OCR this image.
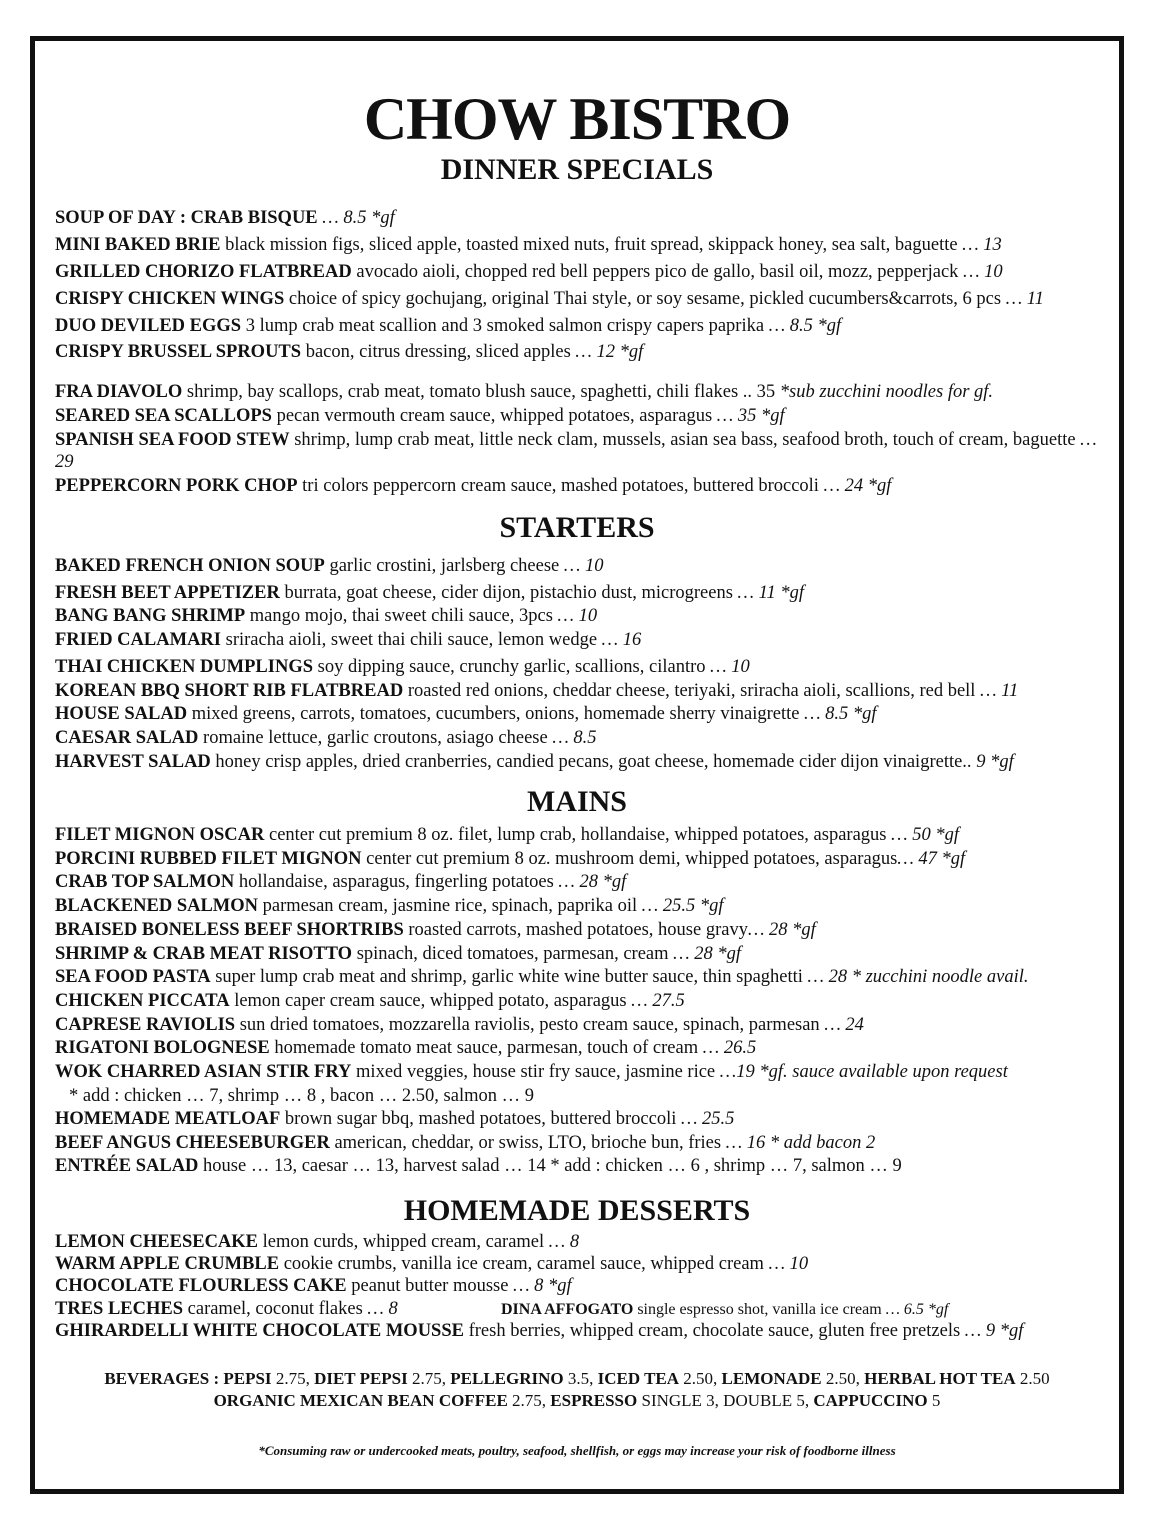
CHOW BISTRO
DINNER SPECIALS
SOUP OF DAY : CRAB BISQUE … 8.5 *gf
MINI BAKED BRIE black mission figs, sliced apple, toasted mixed nuts, fruit spread, skippack honey, sea salt, baguette … 13
GRILLED CHORIZO FLATBREAD avocado aioli, chopped red bell peppers pico de gallo, basil oil, mozz, pepperjack … 10
CRISPY CHICKEN WINGS choice of spicy gochujang, original Thai style, or soy sesame, pickled cucumbers&carrots, 6 pcs … 11
DUO DEVILED EGGS 3 lump crab meat scallion and 3 smoked salmon crispy capers paprika … 8.5 *gf
CRISPY BRUSSEL SPROUTS bacon, citrus dressing, sliced apples … 12 *gf
FRA DIAVOLO shrimp, bay scallops, crab meat, tomato blush sauce, spaghetti, chili flakes .. 35 *sub zucchini noodles for gf.
SEARED SEA SCALLOPS pecan vermouth cream sauce, whipped potatoes, asparagus … 35 *gf
SPANISH SEA FOOD STEW shrimp, lump crab meat, little neck clam, mussels, asian sea bass, seafood broth, touch of cream, baguette … 29
PEPPERCORN PORK CHOP tri colors peppercorn cream sauce, mashed potatoes, buttered broccoli … 24 *gf
STARTERS
BAKED FRENCH ONION SOUP garlic crostini, jarlsberg cheese … 10
FRESH BEET APPETIZER burrata, goat cheese, cider dijon, pistachio dust, microgreens … 11 *gf
BANG BANG SHRIMP mango mojo, thai sweet chili sauce, 3pcs … 10
FRIED CALAMARI sriracha aioli, sweet thai chili sauce, lemon wedge … 16
THAI CHICKEN DUMPLINGS soy dipping sauce, crunchy garlic, scallions, cilantro … 10
KOREAN BBQ SHORT RIB FLATBREAD roasted red onions, cheddar cheese, teriyaki, sriracha aioli, scallions, red bell … 11
HOUSE SALAD mixed greens, carrots, tomatoes, cucumbers, onions, homemade sherry vinaigrette … 8.5 *gf
CAESAR SALAD romaine lettuce, garlic croutons, asiago cheese … 8.5
HARVEST SALAD honey crisp apples, dried cranberries, candied pecans, goat cheese, homemade cider dijon vinaigrette.. 9 *gf
MAINS
FILET MIGNON OSCAR center cut premium 8 oz. filet, lump crab, hollandaise, whipped potatoes, asparagus … 50 *gf
PORCINI RUBBED FILET MIGNON center cut premium 8 oz. mushroom demi, whipped potatoes, asparagus… 47 *gf
CRAB TOP SALMON hollandaise, asparagus, fingerling potatoes … 28 *gf
BLACKENED SALMON parmesan cream, jasmine rice, spinach, paprika oil … 25.5 *gf
BRAISED BONELESS BEEF SHORTRIBS roasted carrots, mashed potatoes, house gravy… 28 *gf
SHRIMP & CRAB MEAT RISOTTO spinach, diced tomatoes, parmesan, cream … 28 *gf
SEA FOOD PASTA super lump crab meat and shrimp, garlic white wine butter sauce, thin spaghetti … 28 * zucchini noodle avail.
CHICKEN PICCATA lemon caper cream sauce, whipped potato, asparagus … 27.5
CAPRESE RAVIOLIS sun dried tomatoes, mozzarella raviolis, pesto cream sauce, spinach, parmesan … 24
RIGATONI BOLOGNESE homemade tomato meat sauce, parmesan, touch of cream … 26.5
WOK CHARRED ASIAN STIR FRY mixed veggies, house stir fry sauce, jasmine rice …19 *gf. sauce available upon request
* add : chicken … 7, shrimp … 8 , bacon … 2.50, salmon … 9
HOMEMADE MEATLOAF brown sugar bbq, mashed potatoes, buttered broccoli … 25.5
BEEF ANGUS CHEESEBURGER american, cheddar, or swiss, LTO, brioche bun, fries … 16 * add bacon 2
ENTRÉE SALAD house … 13, caesar … 13, harvest salad … 14 * add : chicken … 6 , shrimp … 7, salmon … 9
HOMEMADE DESSERTS
LEMON CHEESECAKE lemon curds, whipped cream, caramel … 8
WARM APPLE CRUMBLE cookie crumbs, vanilla ice cream, caramel sauce, whipped cream … 10
CHOCOLATE FLOURLESS CAKE peanut butter mousse … 8 *gf
TRES LECHES caramel, coconut flakes … 8	DINA AFFOGATO single espresso shot, vanilla ice cream … 6.5 *gf
GHIRARDELLI WHITE CHOCOLATE MOUSSE fresh berries, whipped cream, chocolate sauce, gluten free pretzels … 9 *gf
BEVERAGES : PEPSI 2.75, DIET PEPSI 2.75, PELLEGRINO 3.5, ICED TEA 2.50, LEMONADE 2.50, HERBAL HOT TEA 2.50
ORGANIC MEXICAN BEAN COFFEE 2.75, ESPRESSO SINGLE 3, DOUBLE 5, CAPPUCCINO 5
*Consuming raw or undercooked meats, poultry, seafood, shellfish, or eggs may increase your risk of foodborne illness
